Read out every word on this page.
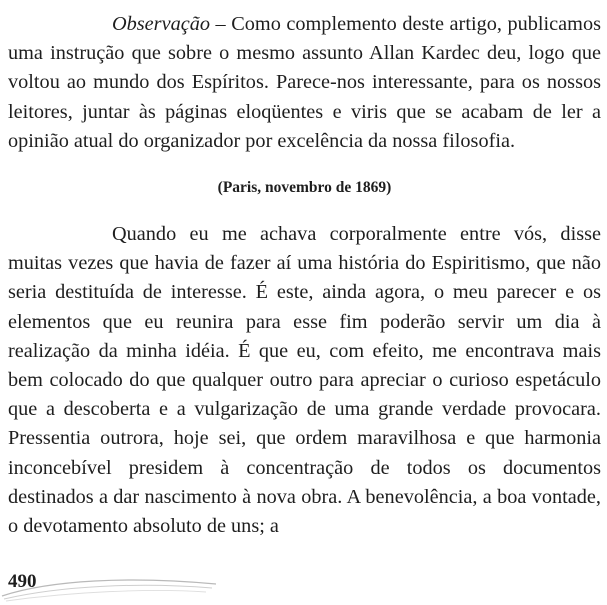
Observação – Como complemento deste artigo, publicamos uma instrução que sobre o mesmo assunto Allan Kardec deu, logo que voltou ao mundo dos Espíritos. Parece-nos interessante, para os nossos leitores, juntar às páginas eloqüentes e viris que se acabam de ler a opinião atual do organizador por excelência da nossa filosofia.

(Paris, novembro de 1869)

Quando eu me achava corporalmente entre vós, disse muitas vezes que havia de fazer aí uma história do Espiritismo, que não seria destituída de interesse. É este, ainda agora, o meu parecer e os elementos que eu reunira para esse fim poderão servir um dia à realização da minha idéia. É que eu, com efeito, me encontrava mais bem colocado do que qualquer outro para apreciar o curioso espetáculo que a descoberta e a vulgarização de uma grande verdade provocara. Pressentia outrora, hoje sei, que ordem maravilhosa e que harmonia inconcebível presidem à concentração de todos os documentos destinados a dar nascimento à nova obra. A benevolência, a boa vontade, o devotamento absoluto de uns; a

490
